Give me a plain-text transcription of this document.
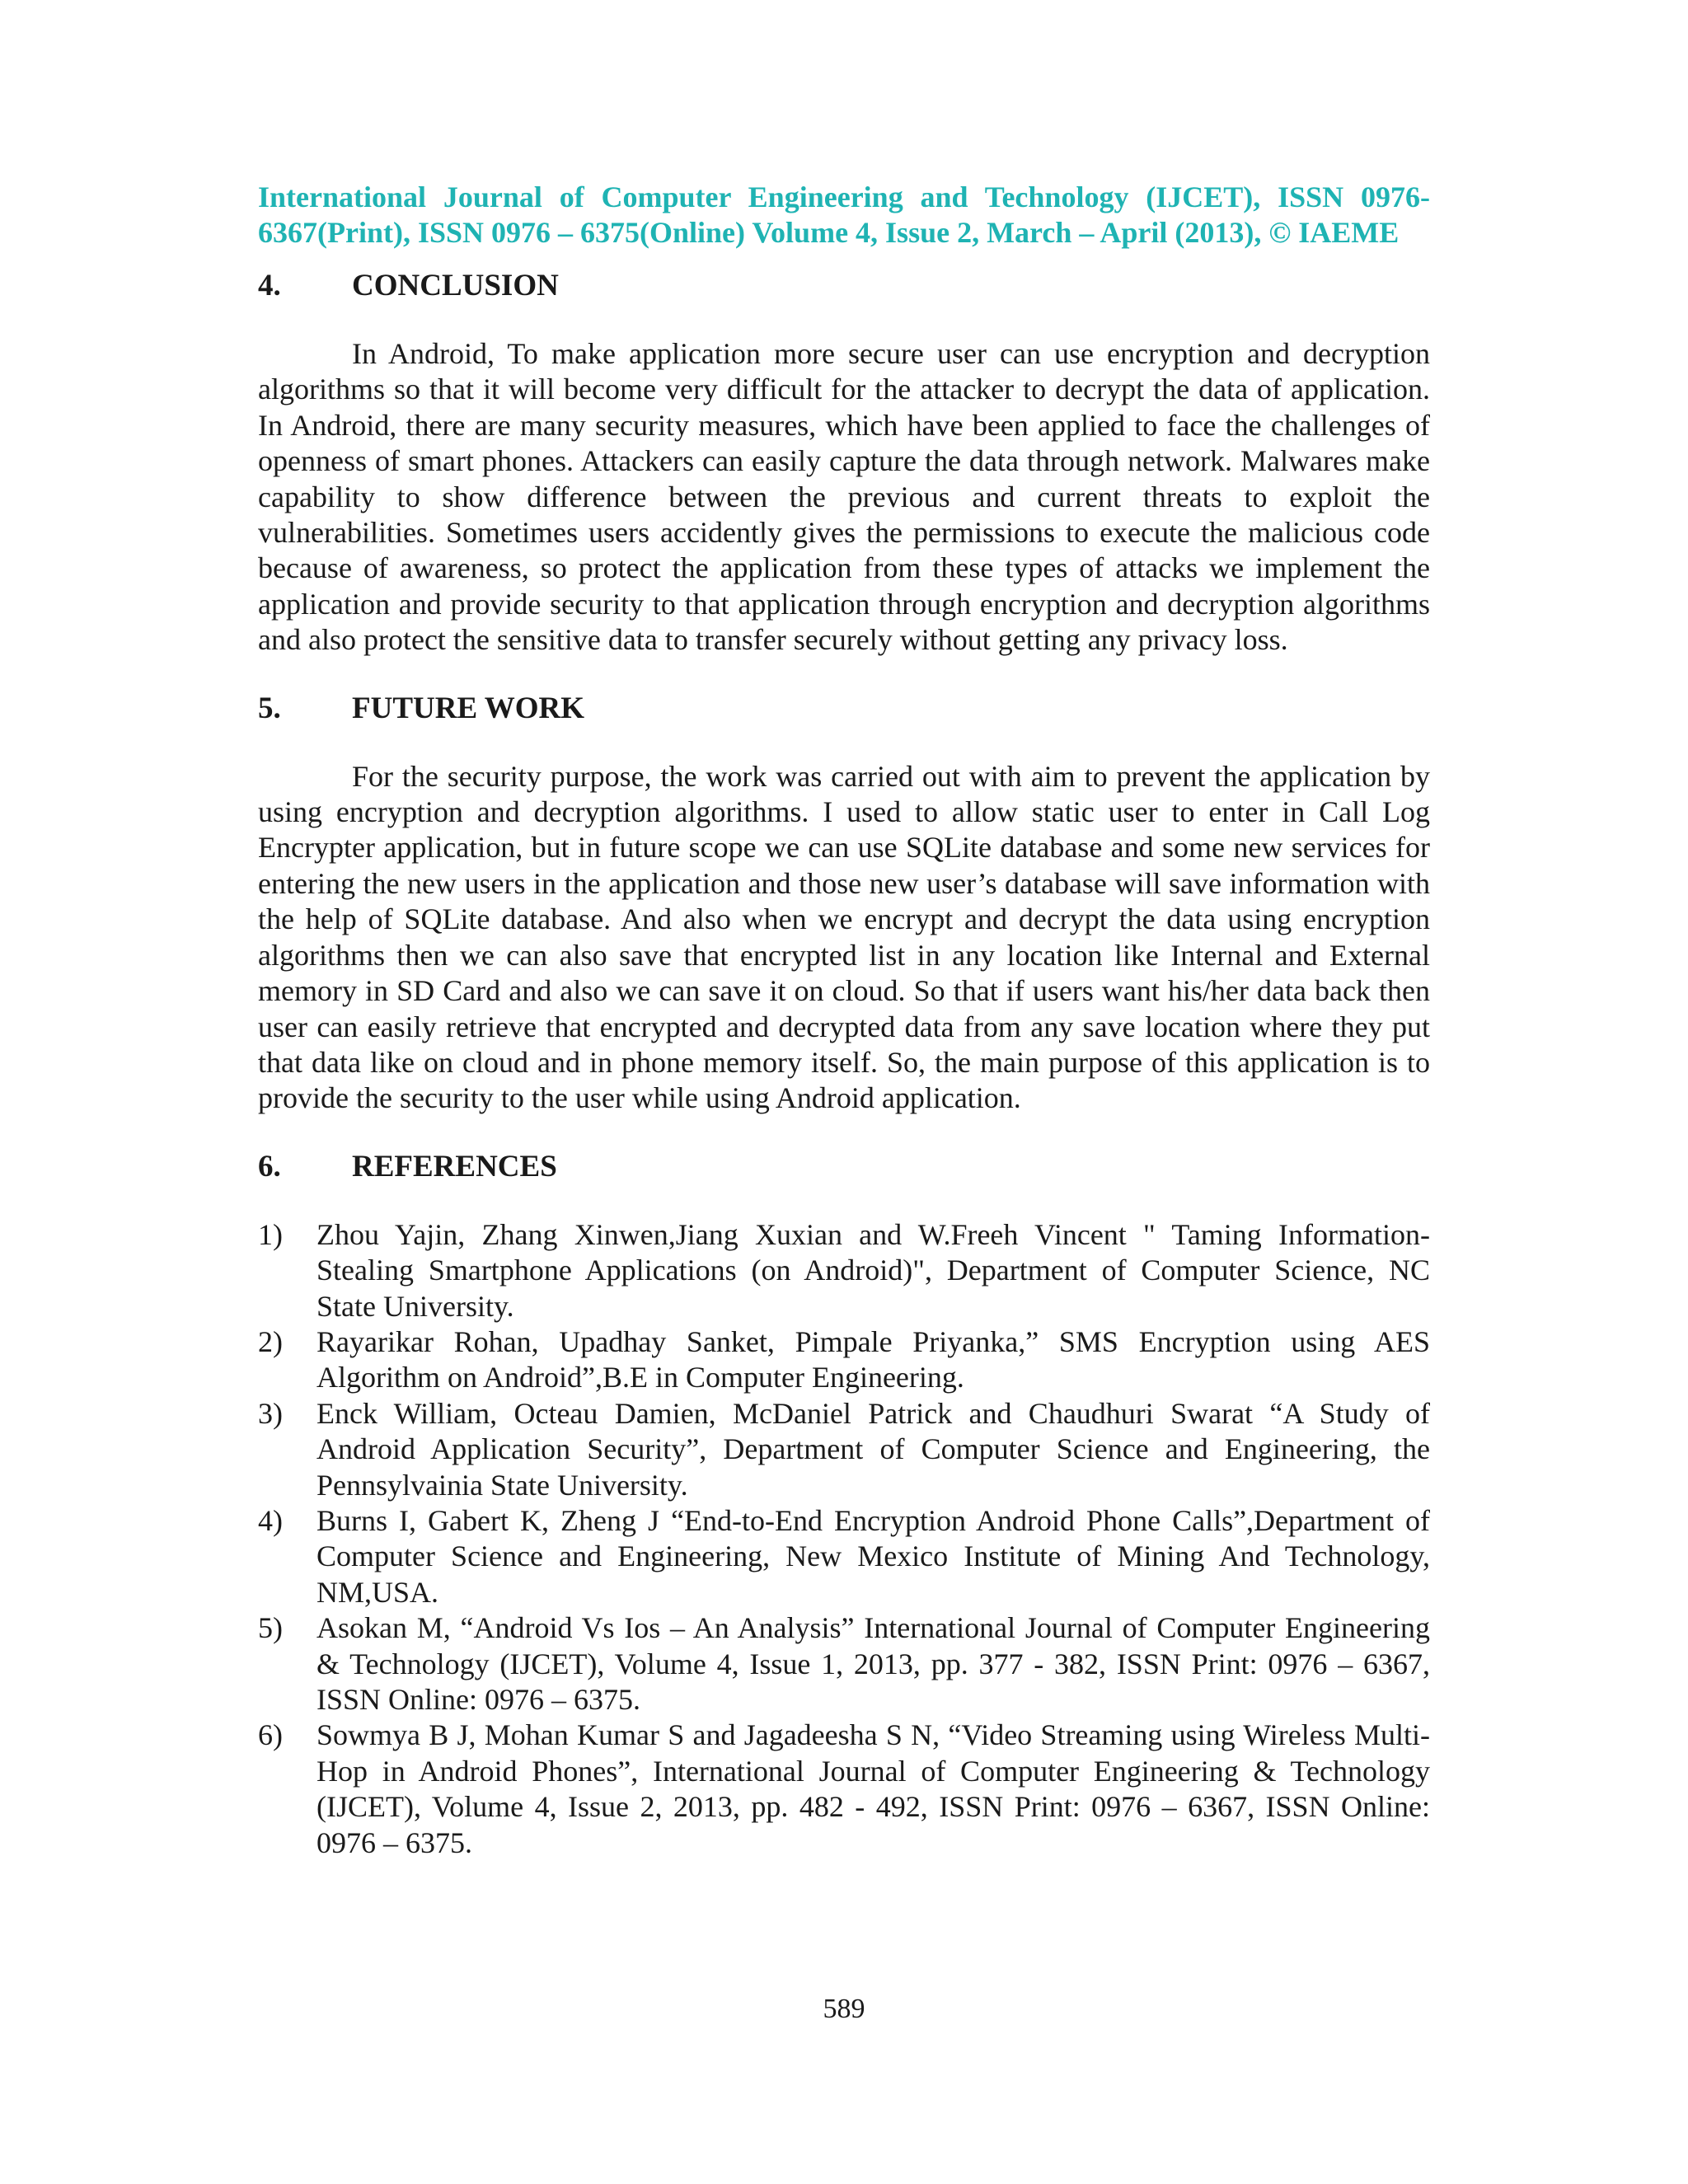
International Journal of Computer Engineering and Technology (IJCET), ISSN 0976-6367(Print), ISSN 0976 – 6375(Online) Volume 4, Issue 2, March – April (2013), © IAEME

4.	CONCLUSION

In Android, To make application more secure user can use encryption and decryption algorithms so that it will become very difficult for the attacker to decrypt the data of application. In Android, there are many security measures, which have been applied to face the challenges of openness of smart phones. Attackers can easily capture the data through network. Malwares make capability to show difference between the previous and current threats to exploit the vulnerabilities. Sometimes users accidently gives the permissions to execute the malicious code because of awareness, so protect the application from these types of attacks we implement the application and provide security to that application through encryption and decryption algorithms and also protect the sensitive data to transfer securely without getting any privacy loss.

5.	FUTURE WORK

For the security purpose, the work was carried out with aim to prevent the application by using encryption and decryption algorithms. I used to allow static user to enter in Call Log Encrypter application, but in future scope we can use SQLite database and some new services for entering the new users in the application and those new user’s database will save information with the help of SQLite database. And also when we encrypt and decrypt the data using encryption algorithms then we can also save that encrypted list in any location like Internal and External memory in SD Card and also we can save it on cloud. So that if users want his/her data back then user can easily retrieve that encrypted and decrypted data from any save location where they put that data like on cloud and in phone memory itself. So, the main purpose of this application is to provide the security to the user while using Android application.

6.	REFERENCES
1)	Zhou Yajin, Zhang Xinwen,Jiang Xuxian and W.Freeh Vincent " Taming Information-Stealing Smartphone Applications (on Android)", Department of Computer Science, NC State University.
2)	Rayarikar Rohan, Upadhay Sanket, Pimpale Priyanka,” SMS Encryption using AES Algorithm on Android”,B.E in Computer Engineering.
3)	Enck William, Octeau Damien, McDaniel Patrick and Chaudhuri Swarat “A Study of Android Application Security”, Department of Computer Science and Engineering, the Pennsylvainia State University.
4)	Burns I, Gabert K, Zheng J “End-to-End Encryption Android Phone Calls”,Department of Computer Science and Engineering, New Mexico Institute of Mining And Technology, NM,USA.
5)	Asokan M, “Android Vs Ios – An Analysis” International Journal of Computer Engineering & Technology (IJCET), Volume 4, Issue 1, 2013, pp. 377 - 382, ISSN Print: 0976 – 6367, ISSN Online: 0976 – 6375.
6)	Sowmya B J, Mohan Kumar S and Jagadeesha S N, “Video Streaming using Wireless Multi-Hop in Android Phones”, International Journal of Computer Engineering & Technology (IJCET), Volume 4, Issue 2, 2013, pp. 482 - 492, ISSN Print: 0976 – 6367, ISSN Online: 0976 – 6375.
589
